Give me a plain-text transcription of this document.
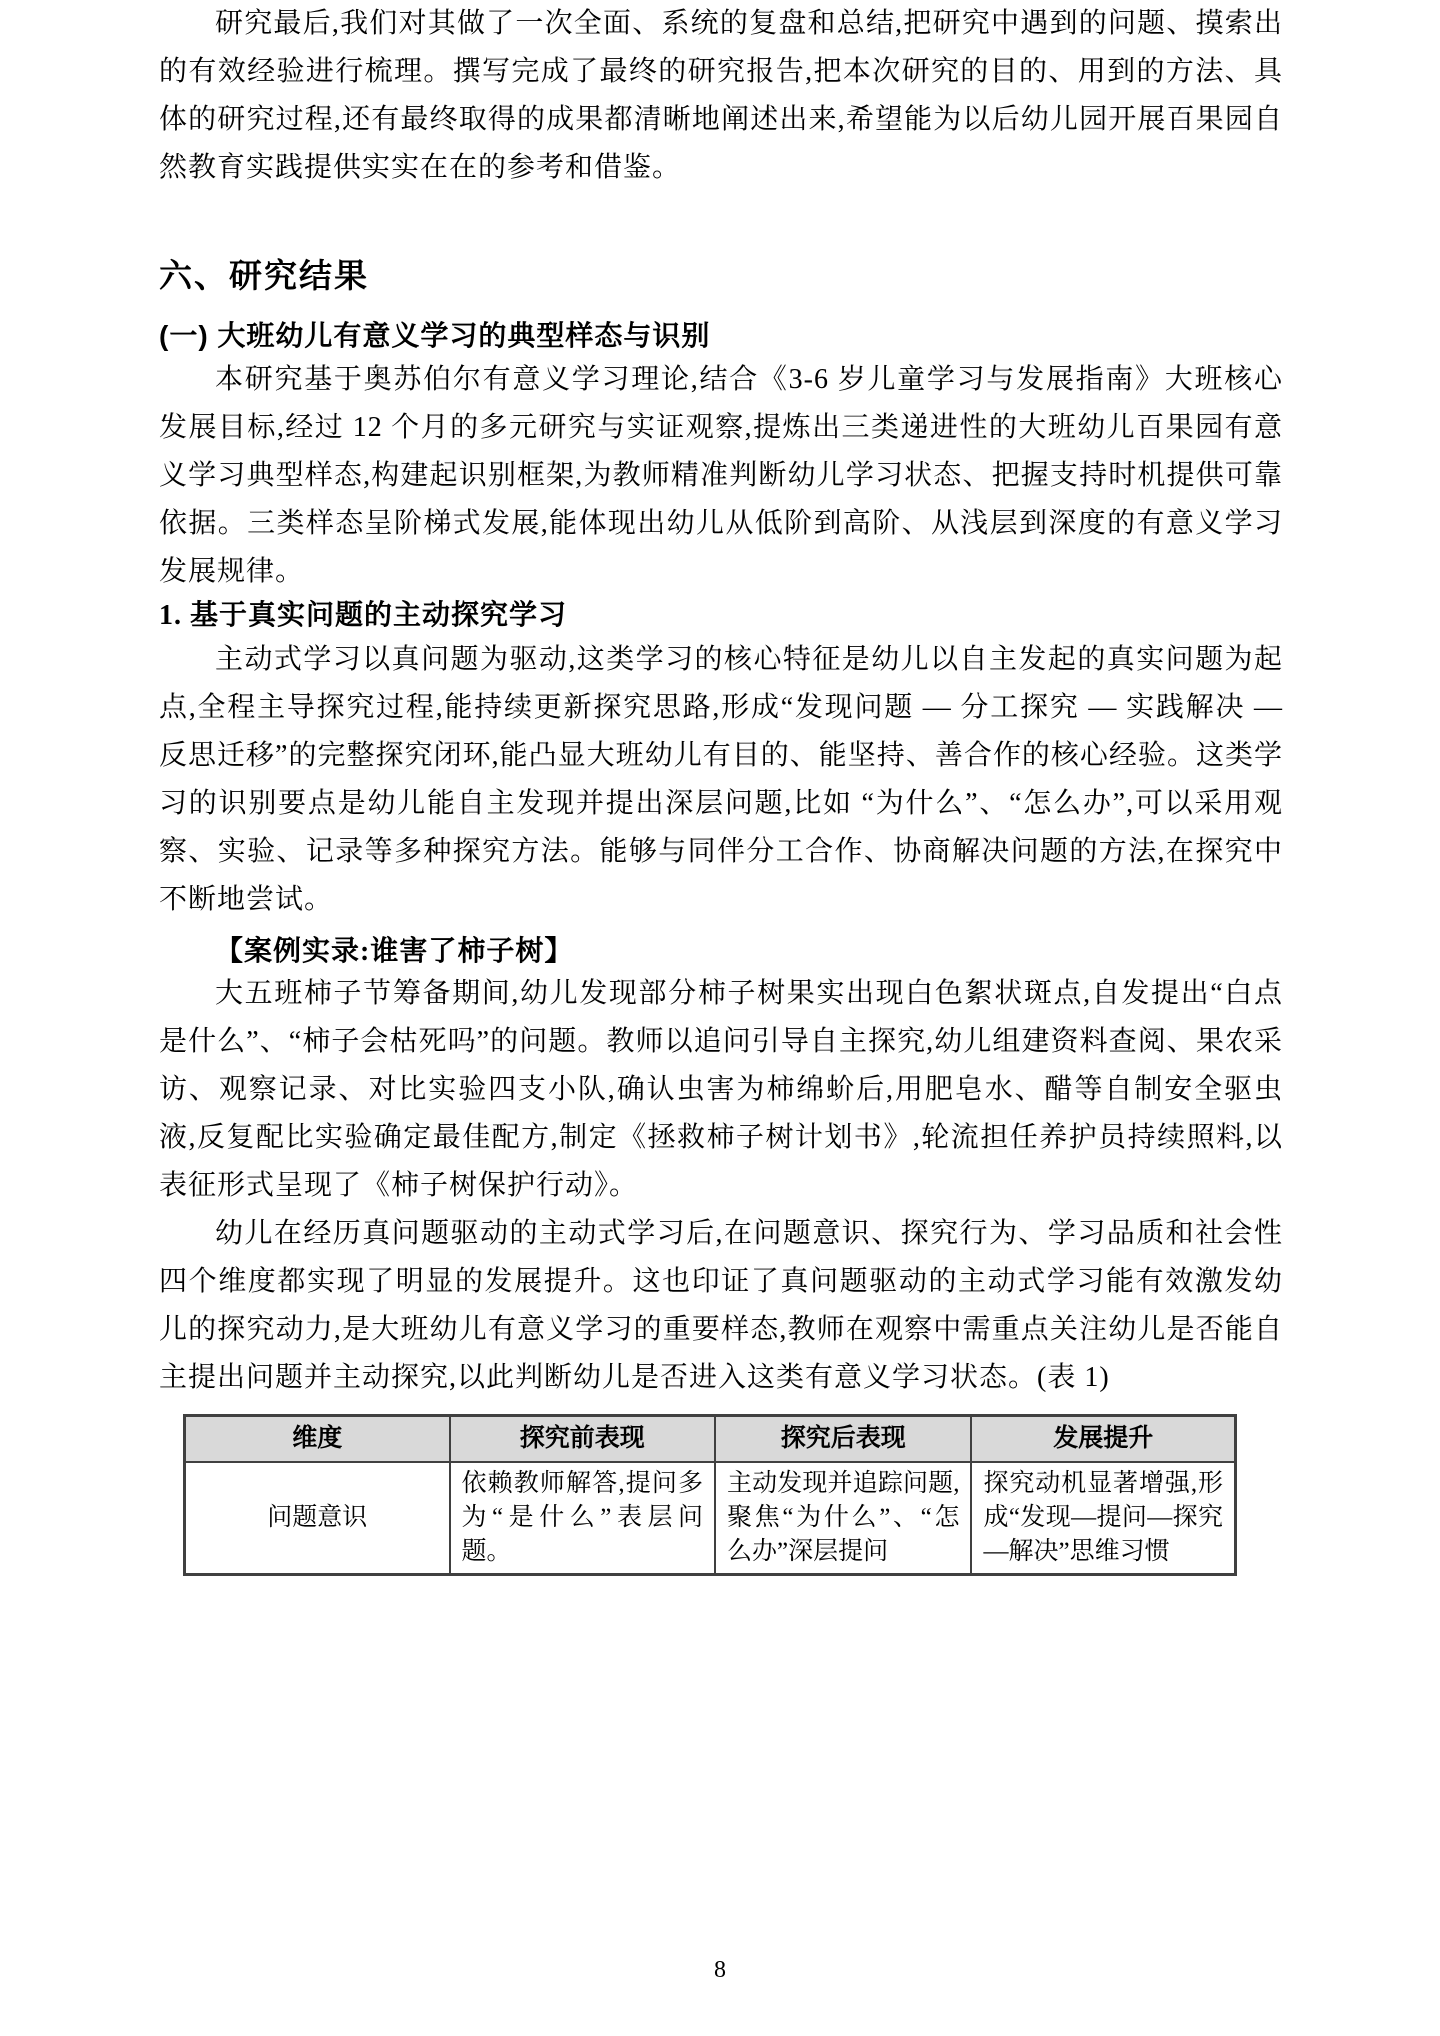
研究最后,我们对其做了一次全面、系统的复盘和总结,把研究中遇到的问题、摸索出的有效经验进行梳理。撰写完成了最终的研究报告,把本次研究的目的、用到的方法、具体的研究过程,还有最终取得的成果都清晰地阐述出来,希望能为以后幼儿园开展百果园自然教育实践提供实实在在的参考和借鉴。

六、研究结果
(一) 大班幼儿有意义学习的典型样态与识别

本研究基于奥苏伯尔有意义学习理论,结合《3-6 岁儿童学习与发展指南》大班核心发展目标,经过 12 个月的多元研究与实证观察,提炼出三类递进性的大班幼儿百果园有意义学习典型样态,构建起识别框架,为教师精准判断幼儿学习状态、把握支持时机提供可靠依据。三类样态呈阶梯式发展,能体现出幼儿从低阶到高阶、从浅层到深度的有意义学习发展规律。

1. 基于真实问题的主动探究学习

主动式学习以真问题为驱动,这类学习的核心特征是幼儿以自主发起的真实问题为起点,全程主导探究过程,能持续更新探究思路,形成“发现问题 — 分工探究 — 实践解决 — 反思迁移”的完整探究闭环,能凸显大班幼儿有目的、能坚持、善合作的核心经验。这类学习的识别要点是幼儿能自主发现并提出深层问题,比如 “为什么”、“怎么办”,可以采用观察、实验、记录等多种探究方法。能够与同伴分工合作、协商解决问题的方法,在探究中不断地尝试。

【案例实录:谁害了柿子树】

大五班柿子节筹备期间,幼儿发现部分柿子树果实出现白色絮状斑点,自发提出“白点是什么”、“柿子会枯死吗”的问题。教师以追问引导自主探究,幼儿组建资料查阅、果农采访、观察记录、对比实验四支小队,确认虫害为柿绵蚧后,用肥皂水、醋等自制安全驱虫液,反复配比实验确定最佳配方,制定《拯救柿子树计划书》,轮流担任养护员持续照料,以表征形式呈现了《柿子树保护行动》。

幼儿在经历真问题驱动的主动式学习后,在问题意识、探究行为、学习品质和社会性四个维度都实现了明显的发展提升。这也印证了真问题驱动的主动式学习能有效激发幼儿的探究动力,是大班幼儿有意义学习的重要样态,教师在观察中需重点关注幼儿是否能自主提出问题并主动探究,以此判断幼儿是否进入这类有意义学习状态。(表 1)

维度	探究前表现	探究后表现	发展提升
问题意识	依赖教师解答,提问多为“是什么”表层问题。	主动发现并追踪问题,聚焦“为什么”、“怎么办”深层提问	探究动机显著增强,形成“发现—提问—探究—解决”思维习惯
8
